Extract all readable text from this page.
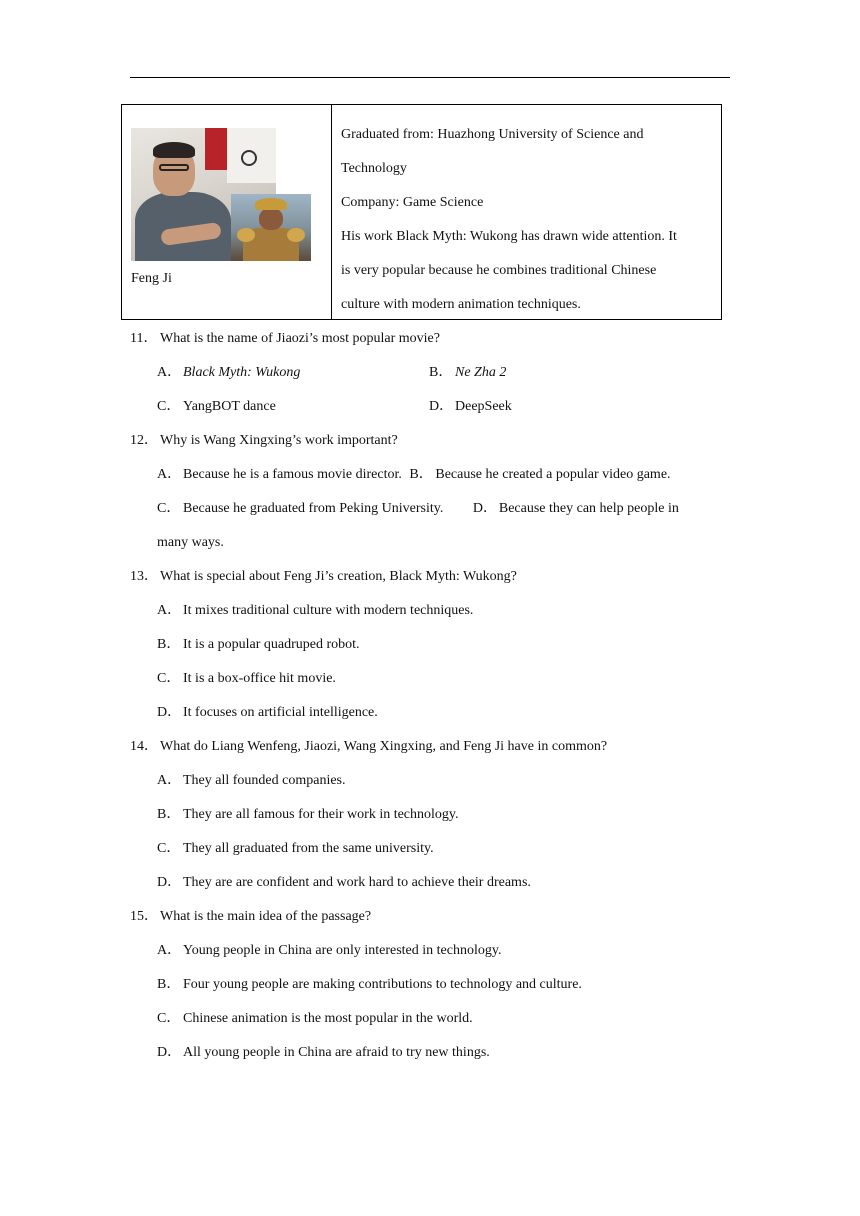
Feng Ji

Graduated from: Huazhong University of Science and

Technology

Company: Game Science

His work Black Myth: Wukong has drawn wide attention. It

is very popular because he combines traditional Chinese

culture with modern animation techniques.

11． What is the name of Jiaozi’s most popular movie?

A． Black Myth: Wukong	B． Ne Zha 2
C． YangBOT dance	D． DeepSeek

12． Why is Wang Xingxing’s work important?

A． Because he is a famous movie director. B． Because he created a popular video game.

C． Because he graduated from Peking University. D． Because they can help people in

many ways.

13． What is special about Feng Ji’s creation, Black Myth: Wukong?

A． It mixes traditional culture with modern techniques.

B． It is a popular quadruped robot.

C． It is a box-office hit movie.

D． It focuses on artificial intelligence.

14． What do Liang Wenfeng, Jiaozi, Wang Xingxing, and Feng Ji have in common?

A． They all founded companies.

B． They are all famous for their work in technology.

C． They all graduated from the same university.

D． They are are confident and work hard to achieve their dreams.

15． What is the main idea of the passage?

A． Young people in China are only interested in technology.

B． Four young people are making contributions to technology and culture.

C． Chinese animation is the most popular in the world.

D． All young people in China are afraid to try new things.
